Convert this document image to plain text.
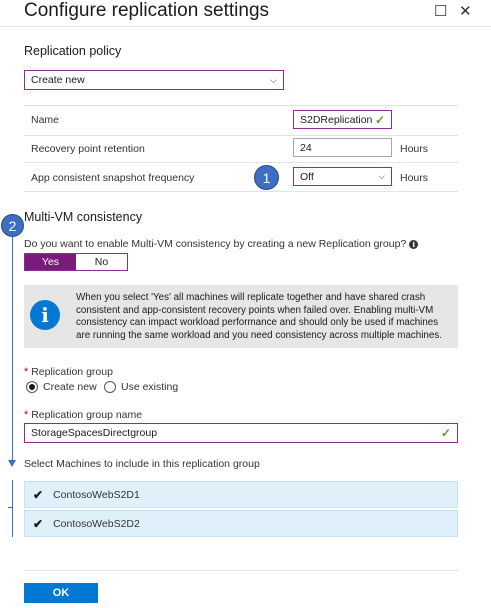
Configure replication settings	☐ ✕
Replication policy
Create new	⌵
Name	S2DReplication ✓
Recovery point retention	24	Hours
App consistent snapshot frequency	1	Off	⌵ Hours
Multi-VM consistency
2
Do you want to enable Multi-VM consistency by creating a new Replication group? i
Yes	No
i
When you select 'Yes' all machines will replicate together and have shared crash consistent and app-consistent recovery points when failed over. Enabling multi-VM consistency can impact workload performance and should only be used if machines are running the same workload and you need consistency across multiple machines.
* Replication group
Create new Use existing
* Replication group name
StorageSpacesDirectgroup	✓
Select Machines to include in this replication group
✔ ContosoWebS2D1
✔ ContosoWebS2D2
OK
